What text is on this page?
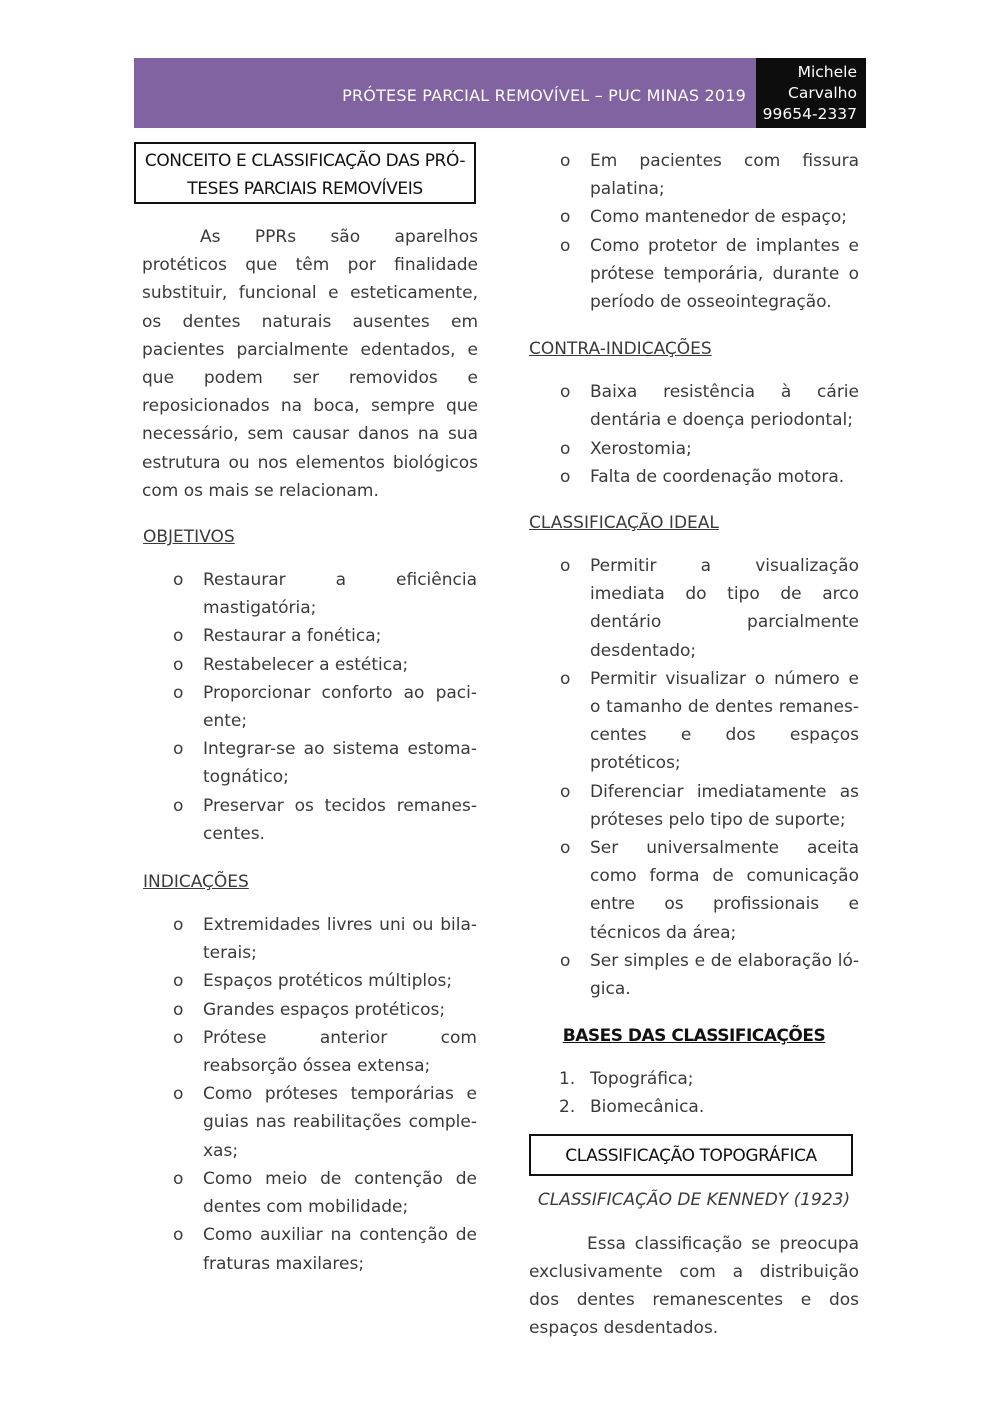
PRÓTESE PARCIAL REMOVÍVEL – PUC MINAS 2019
Michele
Carvalho
99654-2337
CONCEITO E CLASSIFICAÇÃO DAS PRÓ-
TESES PARCIAIS REMOVÍVEIS

As PPRs são aparelhos protéticos que têm por finalidade substituir, funcional e esteticamente, os dentes naturais ausentes em pacientes parcialmente edentados, e que podem ser removidos e reposicionados na boca, sempre que necessário, sem causar danos na sua estrutura ou nos elementos biológicos com os mais se relacionam.

OBJETIVOS

o Restaurar a eficiência mastigatória;
o Restaurar a fonética;
o Restabelecer a estética;
o Proporcionar conforto ao paciente;
o Integrar-se ao sistema estomatognático;
o Preservar os tecidos remanescentes.

INDICAÇÕES

o Extremidades livres uni ou bilaterais;
o Espaços protéticos múltiplos;
o Grandes espaços protéticos;
o Prótese anterior com reabsorção óssea extensa;
o Como próteses temporárias e guias nas reabilitações complexas;
o Como meio de contenção de dentes com mobilidade;
o Como auxiliar na contenção de fraturas maxilares;
o Em pacientes com fissura palatina;
o Como mantenedor de espaço;
o Como protetor de implantes e prótese temporária, durante o período de osseointegração.

CONTRA-INDICAÇÕES

o Baixa resistência à cárie dentária e doença periodontal;
o Xerostomia;
o Falta de coordenação motora.

CLASSIFICAÇÃO IDEAL

o Permitir a visualização imediata do tipo de arco dentário parcialmente desdentado;
o Permitir visualizar o número e o tamanho de dentes remanescentes e dos espaços protéticos;
o Diferenciar imediatamente as próteses pelo tipo de suporte;
o Ser universalmente aceita como forma de comunicação entre os profissionais e técnicos da área;
o Ser simples e de elaboração lógica.

BASES DAS CLASSIFICAÇÕES

1. Topográfica;
2. Biomecânica.
CLASSIFICAÇÃO TOPOGRÁFICA

CLASSIFICAÇÃO DE KENNEDY (1923)

Essa classificação se preocupa exclusivamente com a distribuição dos dentes remanescentes e dos espaços desdentados.
